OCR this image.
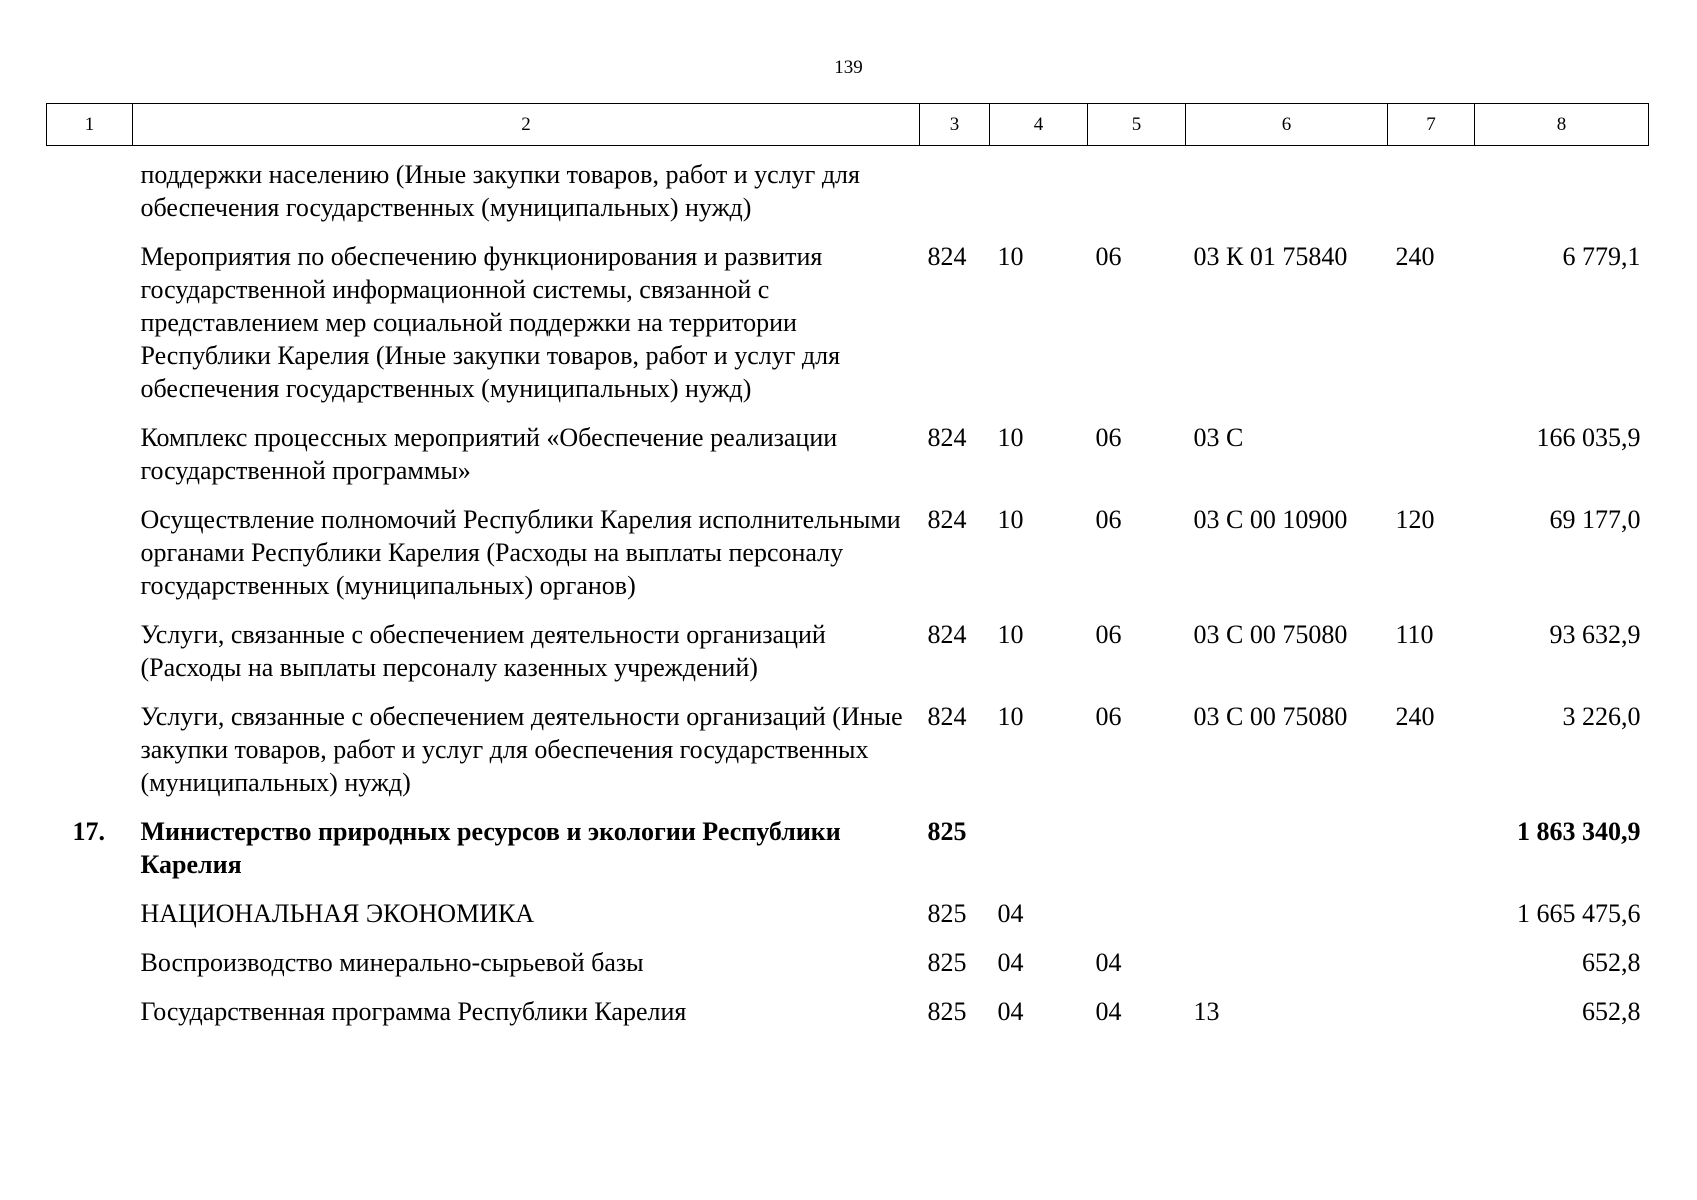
139
1	2	3	4	5	6	7	8
	поддержки населению (Иные закупки товаров, работ и услуг для обеспечения государственных (муниципальных) нужд)						
	Мероприятия по обеспечению функционирования и развития государственной информационной системы, связанной с представлением мер социальной поддержки на территории Республики Карелия (Иные закупки товаров, работ и услуг для обеспечения государственных (муниципальных) нужд)	824	10	06	03 К 01 75840	240	6 779,1
	Комплекс процессных мероприятий «Обеспечение реализации государственной программы»	824	10	06	03 С		166 035,9
	Осуществление полномочий Республики Карелия исполнительными органами Республики Карелия (Расходы на выплаты персоналу государственных (муниципальных) органов)	824	10	06	03 С 00 10900	120	69 177,0
	Услуги, связанные с обеспечением деятельности организаций (Расходы на выплаты персоналу казенных учреждений)	824	10	06	03 С 00 75080	110	93 632,9
	Услуги, связанные с обеспечением деятельности организаций (Иные закупки товаров, работ и услуг для обеспечения государственных (муниципальных) нужд)	824	10	06	03 С 00 75080	240	3 226,0
17.	Министерство природных ресурсов и экологии Республики Карелия	825					1 863 340,9
	НАЦИОНАЛЬНАЯ ЭКОНОМИКА	825	04				1 665 475,6
	Воспроизводство минерально-сырьевой базы	825	04	04			652,8
	Государственная программа Республики Карелия	825	04	04	13		652,8
